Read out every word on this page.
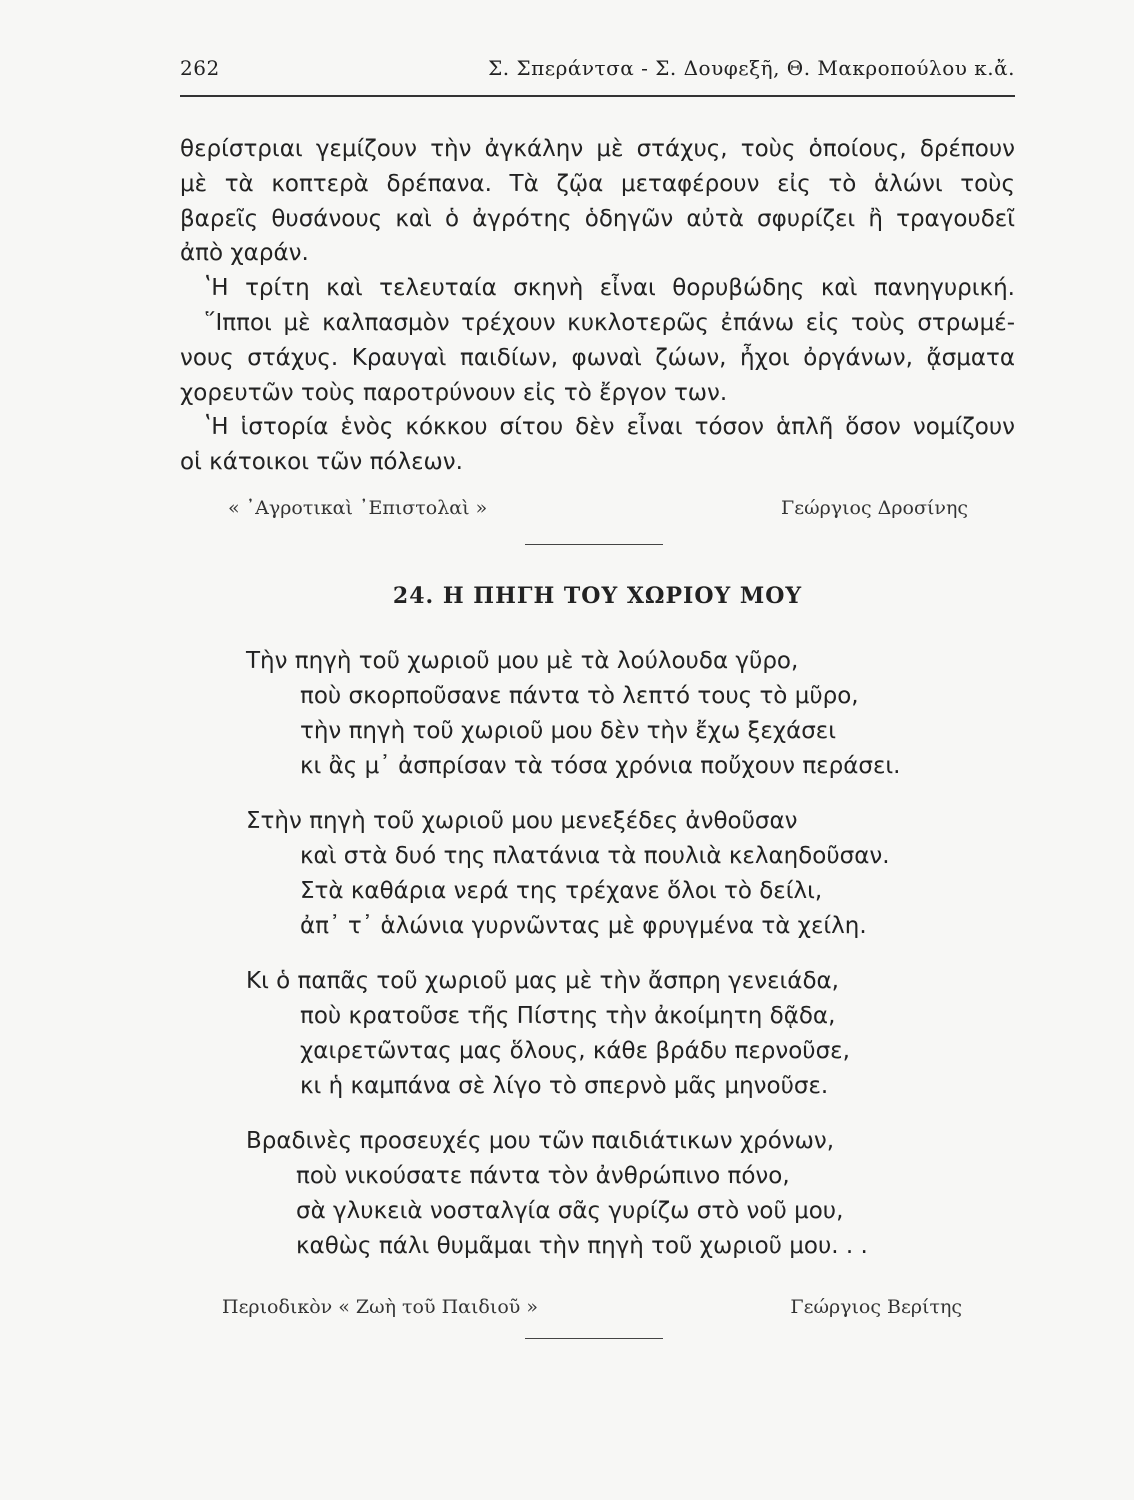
262	Σ. Σπεράντσα - Σ. Δουφεξῆ, Θ. Μακροπούλου κ.ἄ.
θερίστριαι γεμίζουν τὴν ἀγκάλην μὲ στάχυς, τοὺς ὁποίους, δρέπουν
μὲ τὰ κοπτερὰ δρέπανα. Τὰ ζῷα μεταφέρουν εἰς τὸ ἁλώνι τοὺς
βαρεῖς θυσάνους καὶ ὁ ἀγρότης ὁδηγῶν αὐτὰ σφυρίζει ἢ τραγουδεῖ
ἀπὸ χαράν.
ʽΗ τρίτη καὶ τελευταία σκηνὴ εἶναι θορυβώδης καὶ πανηγυρική.
῞Ιπποι μὲ καλπασμὸν τρέχουν κυκλοτερῶς ἐπάνω εἰς τοὺς στρωμέ-
νους στάχυς. Κραυγαὶ παιδίων, φωναὶ ζώων, ἦχοι ὀργάνων, ᾄσματα
χορευτῶν τοὺς παροτρύνουν εἰς τὸ ἔργον των.
ʽΗ ἱστορία ἑνὸς κόκκου σίτου δὲν εἶναι τόσον ἁπλῆ ὅσον νομίζουν
οἱ κάτοικοι τῶν πόλεων.
« ᾿Αγροτικαὶ ᾿Επιστολαὶ »	Γεώργιος Δροσίνης
24. Η ΠΗΓΗ ΤΟΥ ΧΩΡΙΟΥ ΜΟΥ
Τὴν πηγὴ τοῦ χωριοῦ μου μὲ τὰ λούλουδα γῦρο,
ποὺ σκορποῦσανε πάντα τὸ λεπτό τους τὸ μῦρο,
τὴν πηγὴ τοῦ χωριοῦ μου δὲν τὴν ἔχω ξεχάσει
κι ἂς μ᾿ ἀσπρίσαν τὰ τόσα χρόνια ποὔχουν περάσει.
Στὴν πηγὴ τοῦ χωριοῦ μου μενεξέδες ἀνθοῦσαν
καὶ στὰ δυό της πλατάνια τὰ πουλιὰ κελαηδοῦσαν.
Στὰ καθάρια νερά της τρέχανε ὅλοι τὸ δείλι,
ἀπ᾿ τ᾿ ἁλώνια γυρνῶντας μὲ φρυγμένα τὰ χείλη.
Κι ὁ παπᾶς τοῦ χωριοῦ μας μὲ τὴν ἄσπρη γενειάδα,
ποὺ κρατοῦσε τῆς Πίστης τὴν ἀκοίμητη δᾷδα,
χαιρετῶντας μας ὅλους, κάθε βράδυ περνοῦσε,
κι ἡ καμπάνα σὲ λίγο τὸ σπερνὸ μᾶς μηνοῦσε.
Βραδινὲς προσευχές μου τῶν παιδιάτικων χρόνων,
ποὺ νικούσατε πάντα τὸν ἀνθρώπινο πόνο,
σὰ γλυκειὰ νοσταλγία σᾶς γυρίζω στὸ νοῦ μου,
καθὼς πάλι θυμᾶμαι τὴν πηγὴ τοῦ χωριοῦ μου. . .
Περιοδικὸν « Ζωὴ τοῦ Παιδιοῦ »	Γεώργιος Βερίτης
